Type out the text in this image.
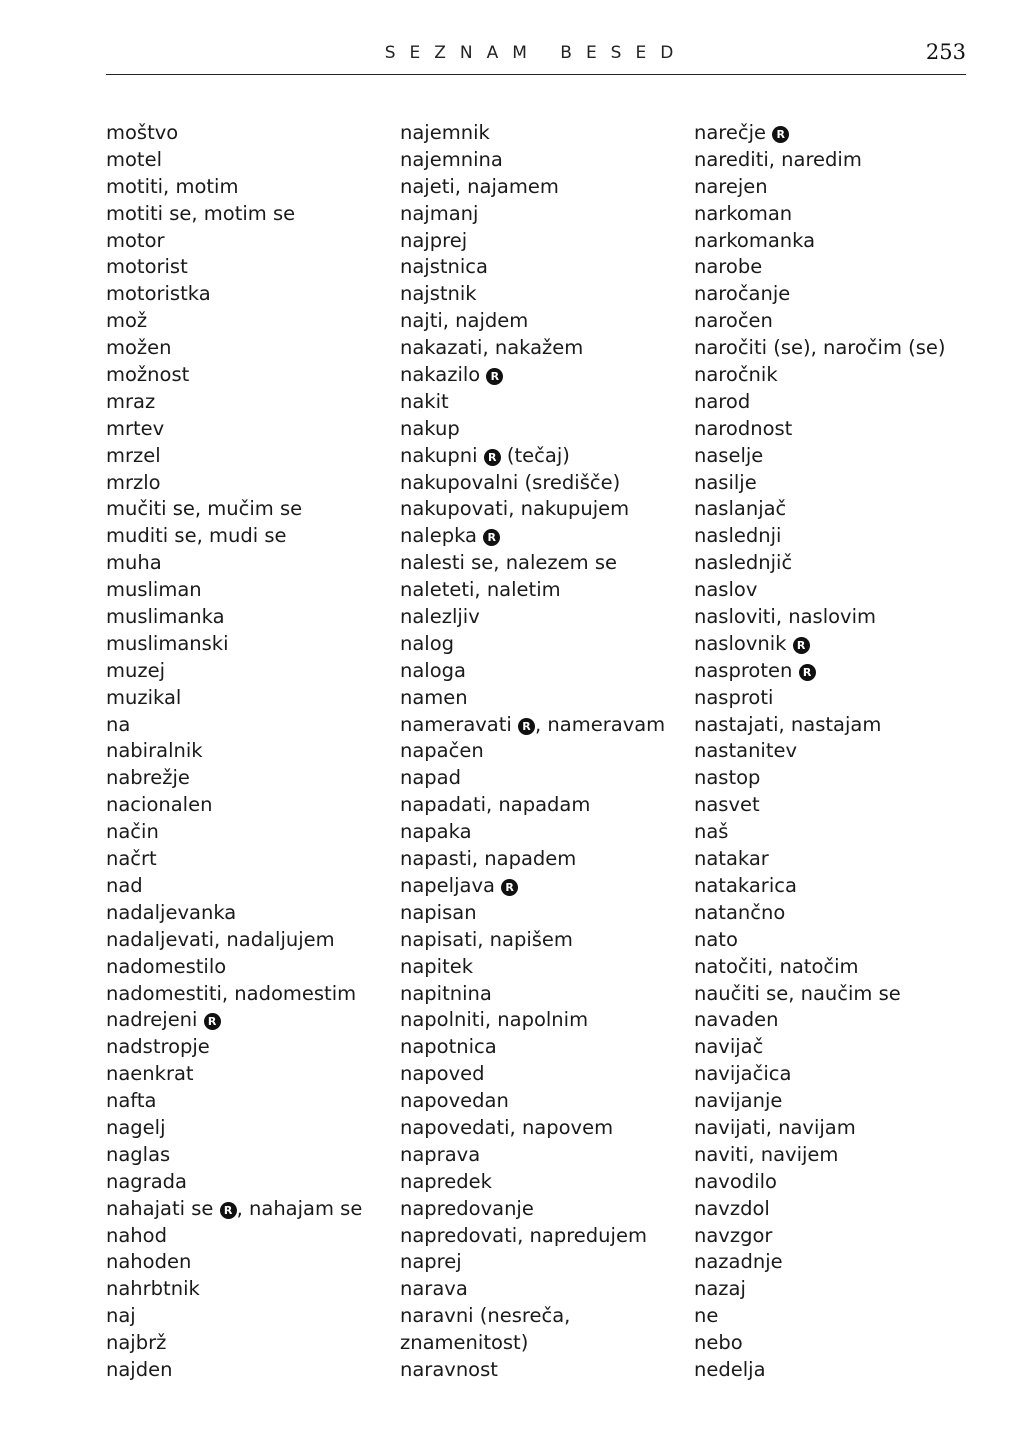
SEZNAM BESED	253
moštvo
motel
motiti, motim
motiti se, motim se
motor
motorist
motoristka
mož
možen
možnost
mraz
mrtev
mrzel
mrzlo
mučiti se, mučim se
muditi se, mudi se
muha
musliman
muslimanka
muslimanski
muzej
muzikal
na
nabiralnik
nabrežje
nacionalen
način
načrt
nad
nadaljevanka
nadaljevati, nadaljujem
nadomestilo
nadomestiti, nadomestim
nadrejeni R
nadstropje
naenkrat
nafta
nagelj
naglas
nagrada
nahajati se R , nahajam se
nahod
nahoden
nahrbtnik
naj
najbrž
najden
najemnik
najemnina
najeti, najamem
najmanj
najprej
najstnica
najstnik
najti, najdem
nakazati, nakažem
nakazilo R
nakit
nakup
nakupni R (tečaj)
nakupovalni (središče)
nakupovati, nakupujem
nalepka R
nalesti se, nalezem se
naleteti, naletim
nalezljiv
nalog
naloga
namen
nameravati R , nameravam
napačen
napad
napadati, napadam
napaka
napasti, napadem
napeljava R
napisan
napisati, napišem
napitek
napitnina
napolniti, napolnim
napotnica
napoved
napovedan
napovedati, napovem
naprava
napredek
napredovanje
napredovati, napredujem
naprej
narava
naravni (nesreča,
znamenitost)
naravnost
narečje R
narediti, naredim
narejen
narkoman
narkomanka
narobe
naročanje
naročen
naročiti (se), naročim (se)
naročnik
narod
narodnost
naselje
nasilje
naslanjač
naslednji
naslednjič
naslov
nasloviti, naslovim
naslovnik R
nasproten R
nasproti
nastajati, nastajam
nastanitev
nastop
nasvet
naš
natakar
natakarica
natančno
nato
natočiti, natočim
naučiti se, naučim se
navaden
navijač
navijačica
navijanje
navijati, navijam
naviti, navijem
navodilo
navzdol
navzgor
nazadnje
nazaj
ne
nebo
nedelja
